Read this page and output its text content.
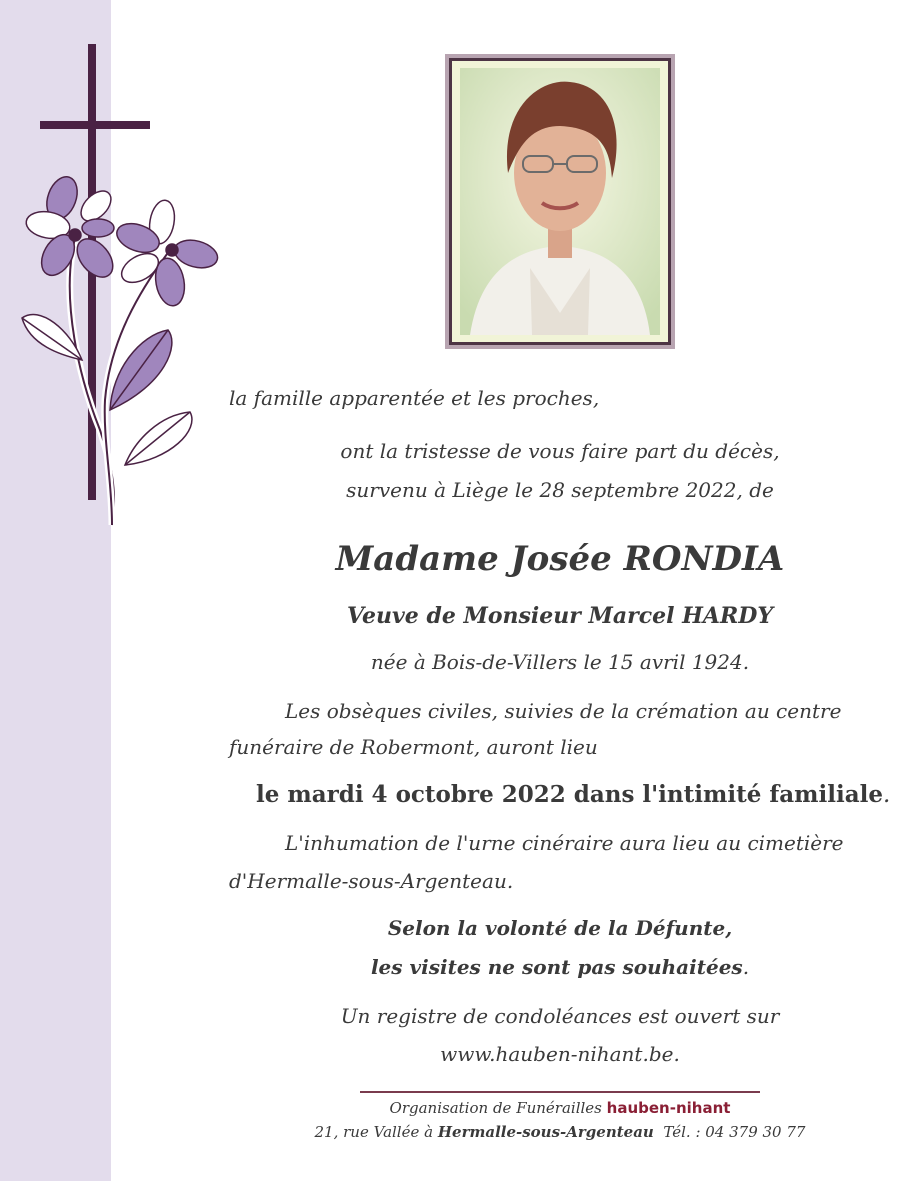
la famille apparentée et les proches,
ont la tristesse de vous faire part du décès,
survenu à Liège le 28 septembre 2022, de
Madame Josée RONDIA
Veuve de Monsieur Marcel HARDY
née à Bois-de-Villers le 15 avril 1924.
Les obsèques civiles, suivies de la crémation au centre
funéraire de Robermont, auront lieu
le mardi 4 octobre 2022 dans l'intimité familiale.
L'inhumation de l'urne cinéraire aura lieu au cimetière
d'Hermalle-sous-Argenteau.
Selon la volonté de la Défunte,
les visites ne sont pas souhaitées.
Un registre de condoléances est ouvert sur
www.hauben-nihant.be.
Organisation de Funérailles hauben-nihant
21, rue Vallée à Hermalle-sous-Argenteau Tél. : 04 379 30 77
